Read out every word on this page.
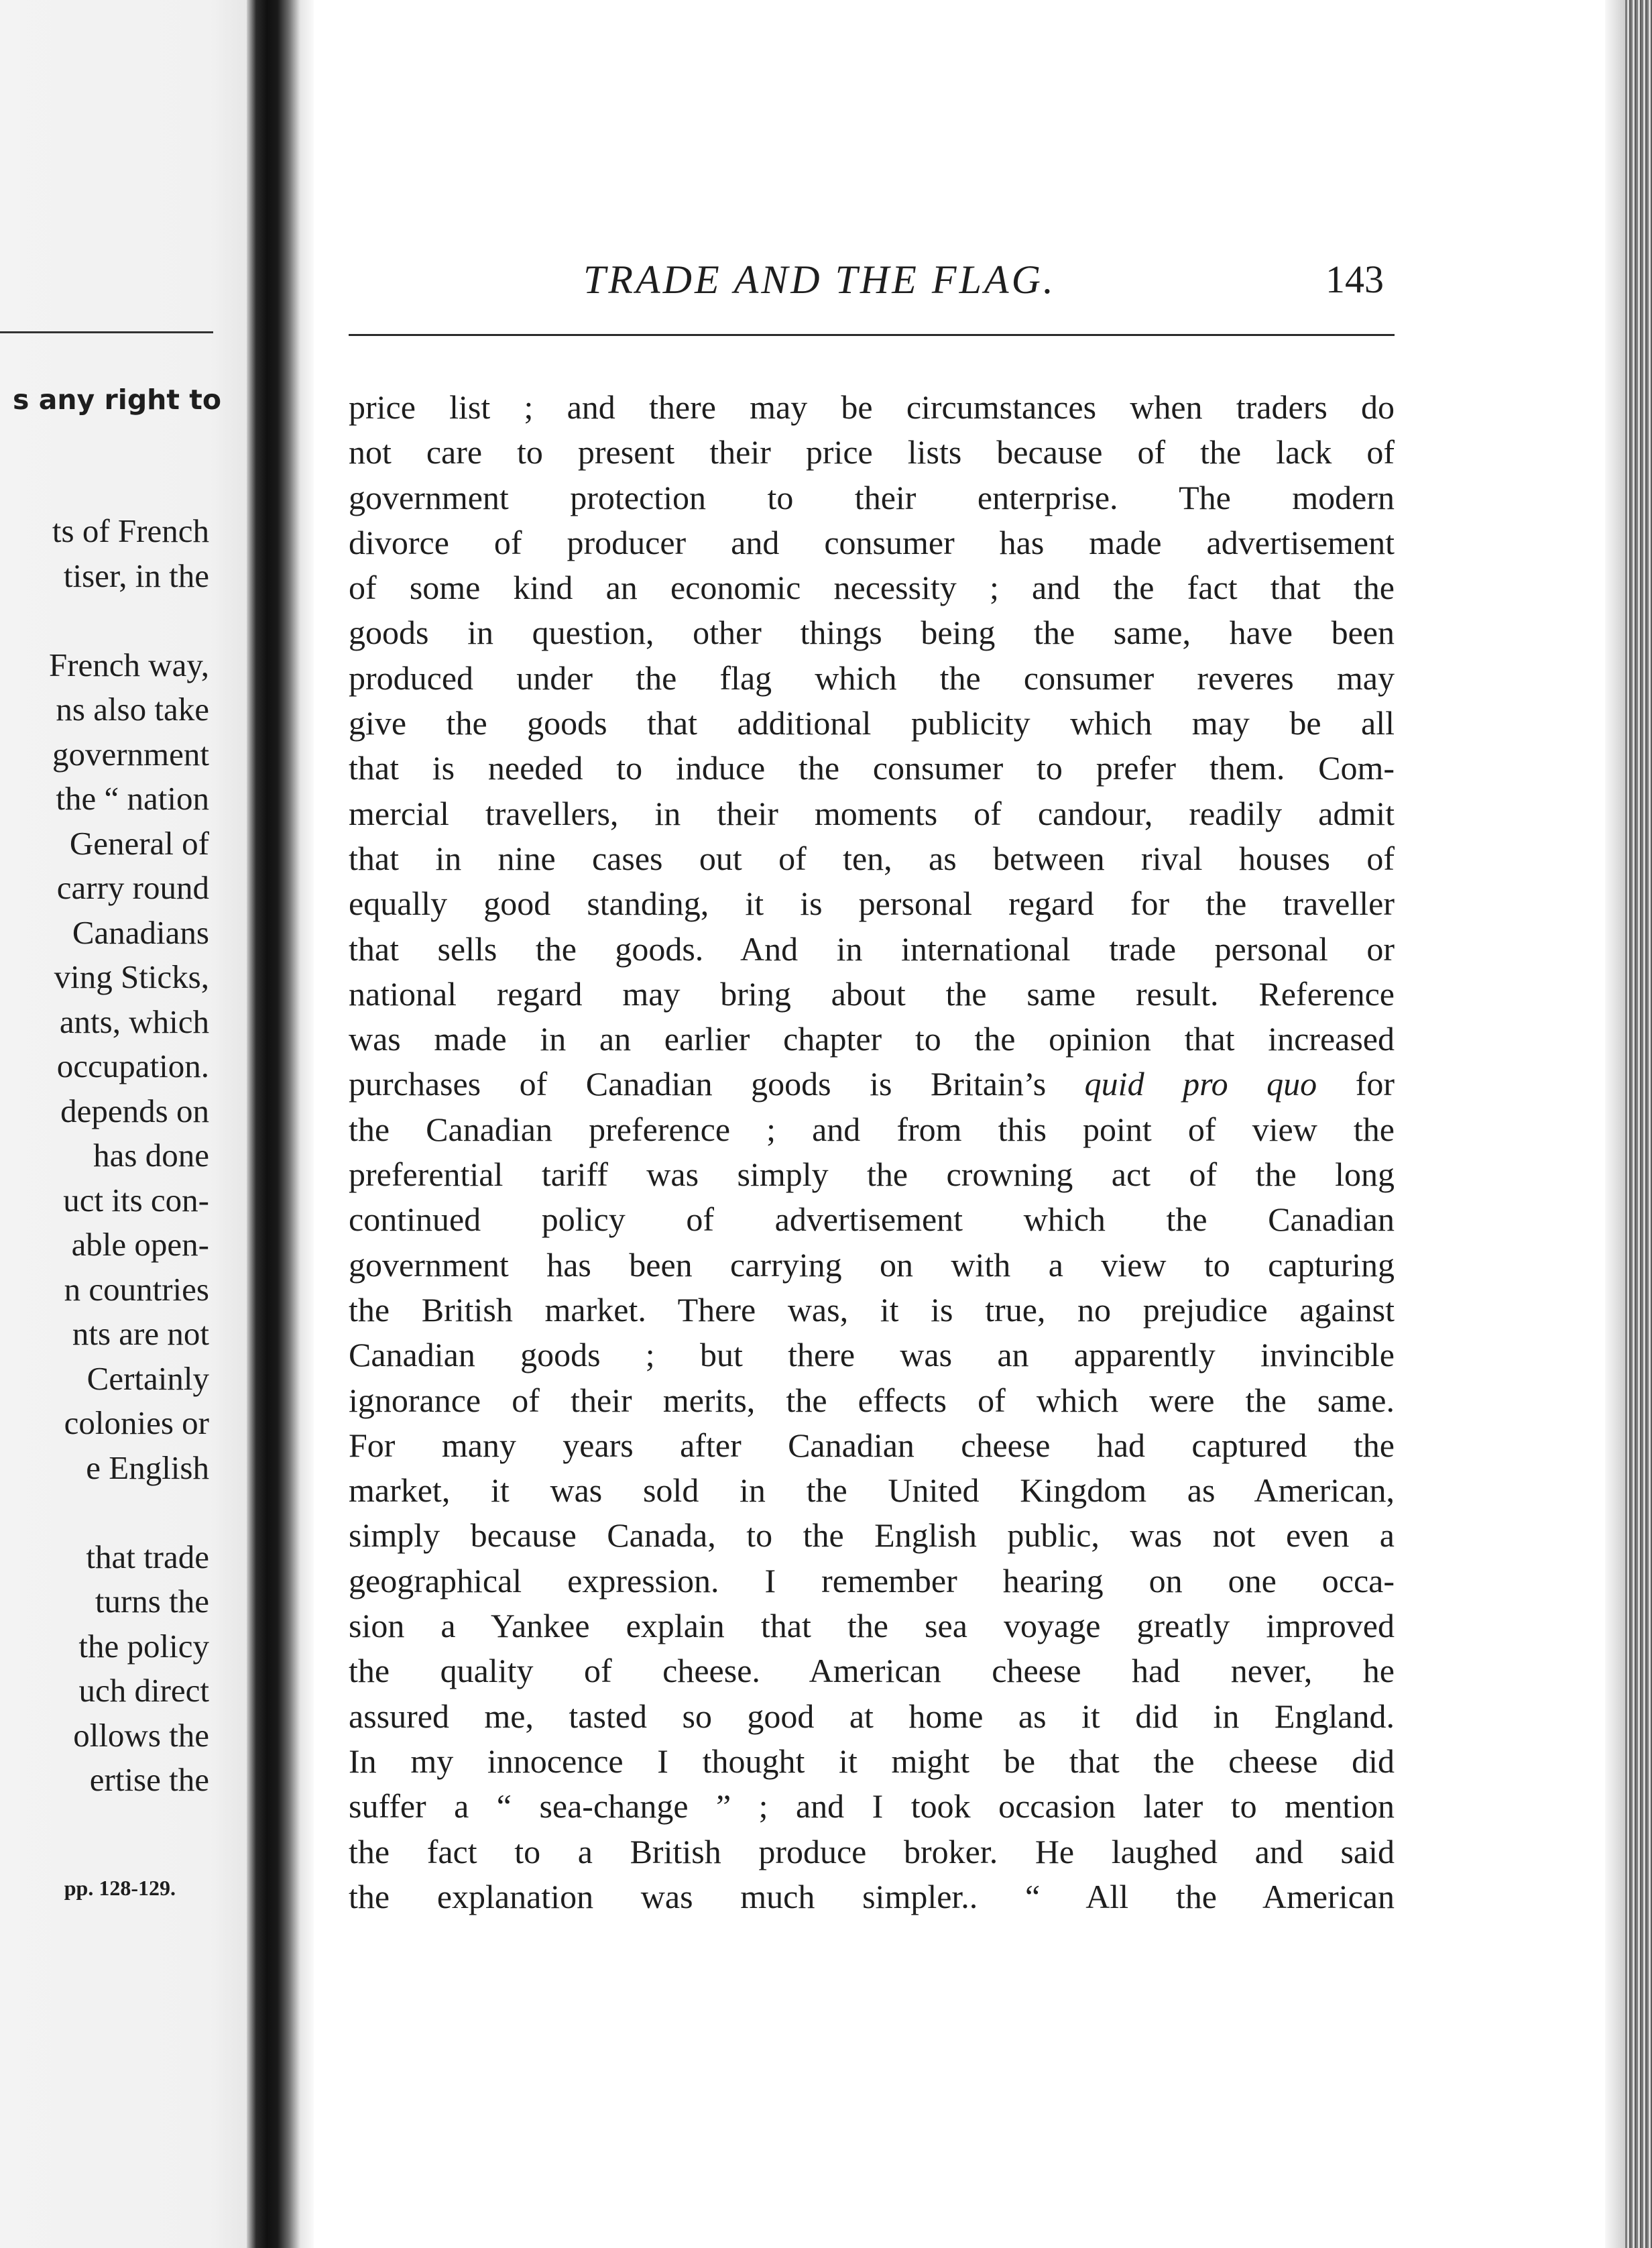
s any right to
ts of French
tiser, in the
French way,
ns also take
government
the “ nation
General of
carry round
Canadians
ving Sticks,
ants, which
occupation.
depends on
has done
uct its con-
able open-
n countries
nts are not
Certainly
colonies or
e English
that trade
turns the
the policy
uch direct
ollows the
ertise the
pp. 128-129.
TRADE AND THE FLAG.	143
price list ; and there may be circumstances when traders do
not care to present their price lists because of the lack of
government protection to their enterprise. The modern
divorce of producer and consumer has made advertisement
of some kind an economic necessity ; and the fact that the
goods in question, other things being the same, have been
produced under the flag which the consumer reveres may
give the goods that additional publicity which may be all
that is needed to induce the consumer to prefer them. Com-
mercial travellers, in their moments of candour, readily admit
that in nine cases out of ten, as between rival houses of
equally good standing, it is personal regard for the traveller
that sells the goods. And in international trade personal or
national regard may bring about the same result. Reference
was made in an earlier chapter to the opinion that increased
purchases of Canadian goods is Britain’s quid pro quo for
the Canadian preference ; and from this point of view the
preferential tariff was simply the crowning act of the long
continued policy of advertisement which the Canadian
government has been carrying on with a view to capturing
the British market. There was, it is true, no prejudice against
Canadian goods ; but there was an apparently invincible
ignorance of their merits, the effects of which were the same.
For many years after Canadian cheese had captured the
market, it was sold in the United Kingdom as American,
simply because Canada, to the English public, was not even a
geographical expression. I remember hearing on one occa-
sion a Yankee explain that the sea voyage greatly improved
the quality of cheese. American cheese had never, he
assured me, tasted so good at home as it did in England.
In my innocence I thought it might be that the cheese did
suffer a “ sea-change ” ; and I took occasion later to mention
the fact to a British produce broker. He laughed and said
the explanation was much simpler.. “ All the American
